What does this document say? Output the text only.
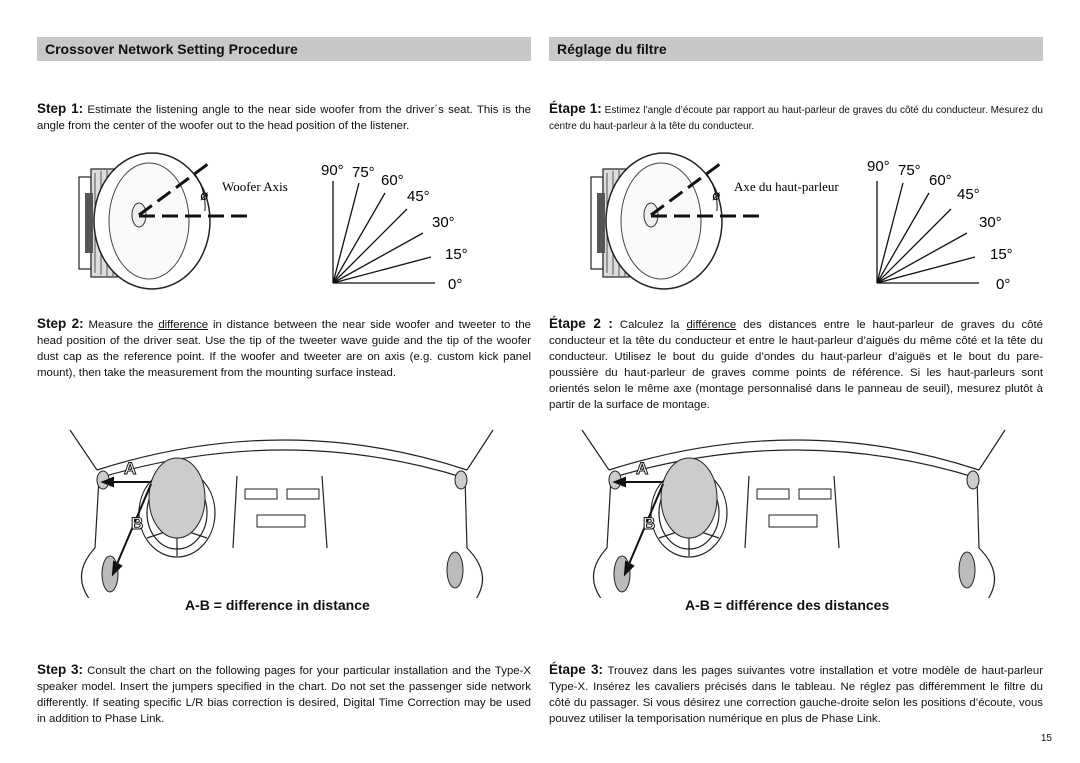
Crossover Network Setting Procedure
Step 1: Estimate the listening angle to the near side woofer from the driver´s seat. This is the angle from the center of the woofer out to the head position of the listener.
ø
Woofer Axis
90° 75° 60°
45°
30°
15°
0°
Step 2: Measure the difference in distance between the near side woofer and tweeter to the head position of the driver seat. Use the tip of the tweeter wave guide and the tip of the woofer dust cap as the reference point. If the woofer and tweeter are on axis (e.g. custom kick panel mount), then take the measurement from the mounting surface instead.
A
B
A-B = difference in distance
Step 3: Consult the chart on the following pages for your particular installation and the Type-X speaker model. Insert the jumpers specified in the chart. Do not set the passenger side network differently. If seating specific L/R bias correction is desired, Digital Time Correction may be used in addition to Phase Link.
Réglage du filtre
Étape 1: Estimez l’angle d’écoute par rapport au haut-parleur de graves du côté du conducteur. Mesurez du centre du haut-parleur à la tête du conducteur.
ø
Axe du haut-parleur
90° 75°
60°
45°
30°
15°
0°
Étape 2 : Calculez la différence des distances entre le haut-parleur de graves du côté conducteur et la tête du conducteur et entre le haut-parleur d’aiguës du même côté et la tête du conducteur. Utilisez le bout du guide d’ondes du haut-parleur d’aiguës et le bout du pare-poussière du haut-parleur de graves comme points de référence. Si les haut-parleurs sont orientés selon le même axe (montage personnalisé dans le panneau de seuil), mesurez plutôt à partir de la surface de montage.
A
B
A-B = différence des distances
Étape 3: Trouvez dans les pages suivantes votre installation et votre modèle de haut-parleur Type-X. Insérez les cavaliers précisés dans le tableau. Ne réglez pas différemment le filtre du côté du passager. Si vous désirez une correction gauche-droite selon les positions d’écoute, vous pouvez utiliser la temporisation numérique en plus de Phase Link.
15
